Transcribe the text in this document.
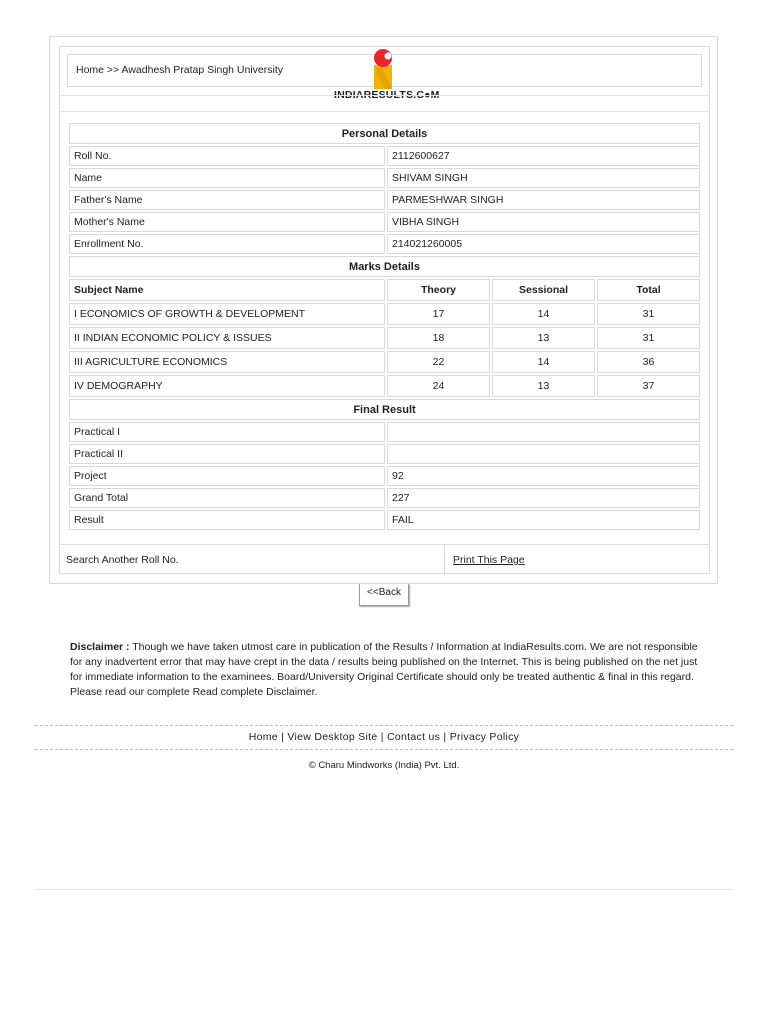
Home >> Awadhesh Pratap Singh University
INDIARESULTS.C●M
Personal Details			
Roll No.	2112600627		
Name	SHIVAM SINGH		
Father's Name	PARMESHWAR SINGH		
Mother's Name	VIBHA SINGH		
Enrollment No.	214021260005		
Marks Details			
Subject Name	Theory	Sessional	Total
I ECONOMICS OF GROWTH & DEVELOPMENT	17	14	31
II INDIAN ECONOMIC POLICY & ISSUES	18	13	31
III AGRICULTURE ECONOMICS	22	14	36
IV DEMOGRAPHY	24	13	37
Final Result			
Practical I			
Practical II			
Project	92		
Grand Total	227		
Result	FAIL		
Search Another Roll No.	Print This Page
<<Back
Disclaimer : Though we have taken utmost care in publication of the Results / Information at IndiaResults.com. We are not responsible for any inadvertent error that may have crept in the data / results being published on the Internet. This is being published on the net just for immediate information to the examinees. Board/University Original Certificate should only be treated authentic & final in this regard. Please read our complete Read complete Disclaimer.
Home | View Desktop Site | Contact us | Privacy Policy
© Charu Mindworks (India) Pvt. Ltd.
